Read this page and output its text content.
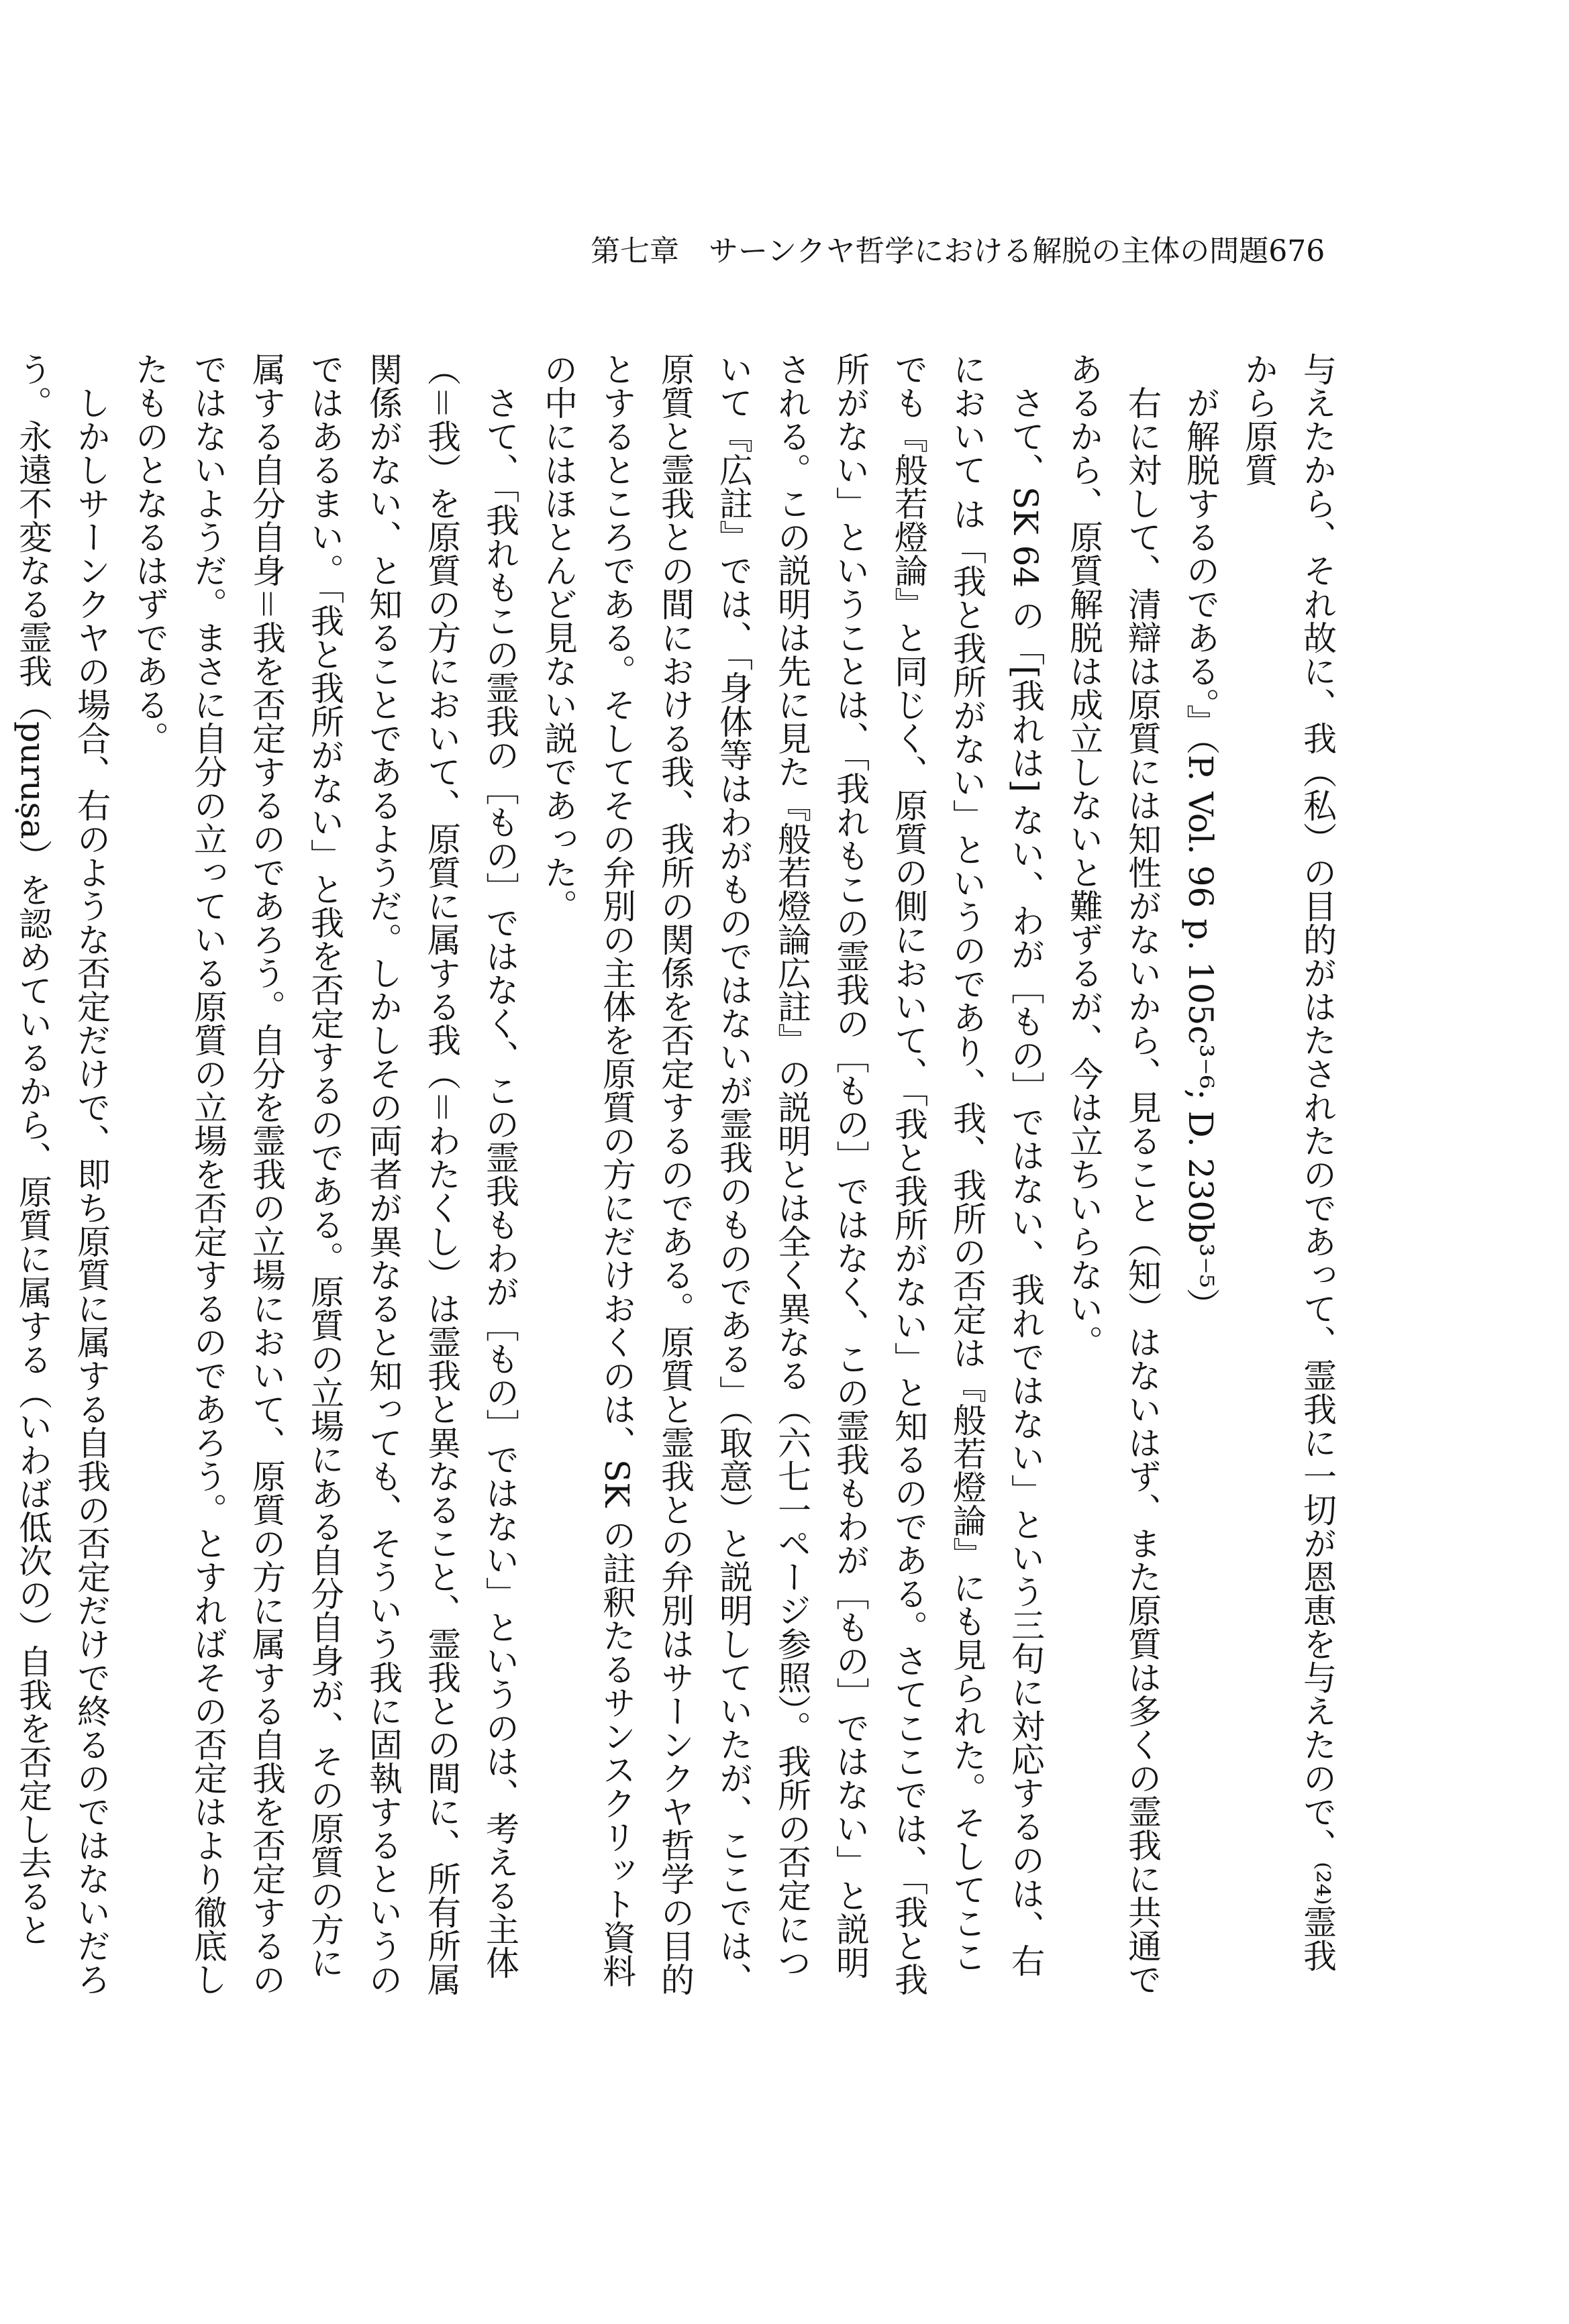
第七章　サーンクヤ哲学における解脱の主体の問題 676

与えたから、それ故に、我（私）の目的がはたされたのであって、霊我に一切が恩恵を与えたので、⁽²⁴⁾霊我から原質

が解脱するのである。』（P. Vol. 96 p. 105c³⁻⁶; D. 230b³⁻⁵）

右に対して、清辯は原質には知性がないから、見ること（知）はないはず、また原質は多くの霊我に共通であるから、原質解脱は成立しないと難ずるが、今は立ちいらない。

さて、SK 64 の「[我れは] ない、わが［もの］ではない、我れではない」という三句に対応するのは、右において は「我と我所がない」というのであり、我、我所の否定は『般若燈論』にも見られた。そしてここでも『般若燈論』と同じく、原質の側において、「我と我所がない」と知るのである。さてここでは、「我と我所がない」ということは、「我れもこの霊我の［もの］ではなく、この霊我もわが［もの］ではない」と説明される。この説明は先に見た『般若燈論広註』の説明とは全く異なる（六七一ページ参照）。我所の否定について『広註』では、「身体等はわがものではないが霊我のものである」（取意）と説明していたが、ここでは、原質と霊我との間における我、我所の関係を否定するのである。原質と霊我との弁別はサーンクヤ哲学の目的とするところである。そしてその弁別の主体を原質の方にだけおくのは、SK の註釈たるサンスクリット資料の中にはほとんど見ない説であった。

さて、「我れもこの霊我の［もの］ではなく、この霊我もわが［もの］ではない」というのは、考える主体（＝我）を原質の方において、原質に属する我（＝わたくし）は霊我と異なること、霊我との間に、所有所属関係がない、と知ることであるようだ。しかしその両者が異なると知っても、そういう我に固執するというのではあるまい。「我と我所がない」と我を否定するのである。原質の立場にある自分自身が、その原質の方に属する自分自身＝我を否定するのであろう。自分を霊我の立場において、原質の方に属する自我を否定するのではないようだ。まさに自分の立っている原質の立場を否定するのであろう。とすればその否定はより徹底したものとなるはずである。

しかしサーンクヤの場合、右のような否定だけで、即ち原質に属する自我の否定だけで終るのではないだろう。永遠不変なる霊我（puruṣa）を認めているから、原質に属する（いわば低次の）自我を否定し去ると
